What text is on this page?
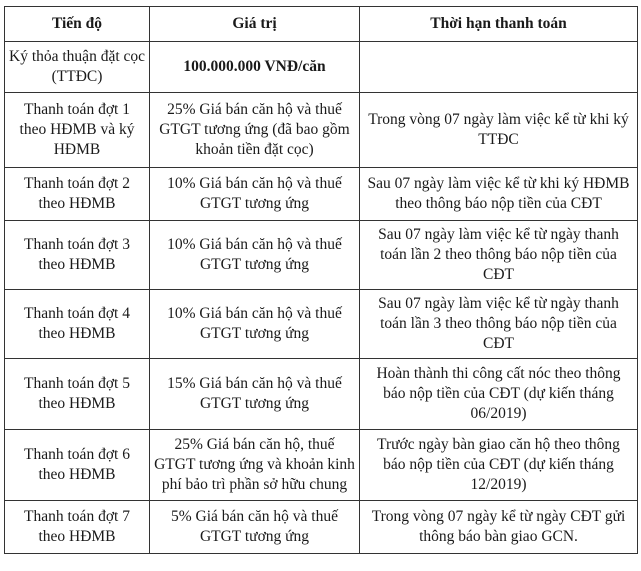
Tiến độ	Giá trị	Thời hạn thanh toán
Ký thỏa thuận đặt cọc (TTĐC)	100.000.000 VNĐ/căn	
Thanh toán đợt 1 theo HĐMB và ký HĐMB	25% Giá bán căn hộ và thuế GTGT tương ứng (đã bao gồm khoản tiền đặt cọc)	Trong vòng 07 ngày làm việc kể từ khi ký TTĐC
Thanh toán đợt 2 theo HĐMB	10% Giá bán căn hộ và thuế GTGT tương ứng	Sau 07 ngày làm việc kể từ khi ký HĐMB theo thông báo nộp tiền của CĐT
Thanh toán đợt 3 theo HĐMB	10% Giá bán căn hộ và thuế GTGT tương ứng	Sau 07 ngày làm việc kể từ ngày thanh toán lần 2 theo thông báo nộp tiền của CĐT
Thanh toán đợt 4 theo HĐMB	10% Giá bán căn hộ và thuế GTGT tương ứng	Sau 07 ngày làm việc kể từ ngày thanh toán lần 3 theo thông báo nộp tiền của CĐT
Thanh toán đợt 5 theo HĐMB	15% Giá bán căn hộ và thuế GTGT tương ứng	Hoàn thành thi công cất nóc theo thông báo nộp tiền của CĐT (dự kiến tháng 06/2019)
Thanh toán đợt 6 theo HĐMB	25% Giá bán căn hộ, thuế GTGT tương ứng và khoản kinh phí bảo trì phần sở hữu chung	Trước ngày bàn giao căn hộ theo thông báo nộp tiền của CĐT (dự kiến tháng 12/2019)
Thanh toán đợt 7 theo HĐMB	5% Giá bán căn hộ và thuế GTGT tương ứng	Trong vòng 07 ngày kể từ ngày CĐT gửi thông báo bàn giao GCN.
